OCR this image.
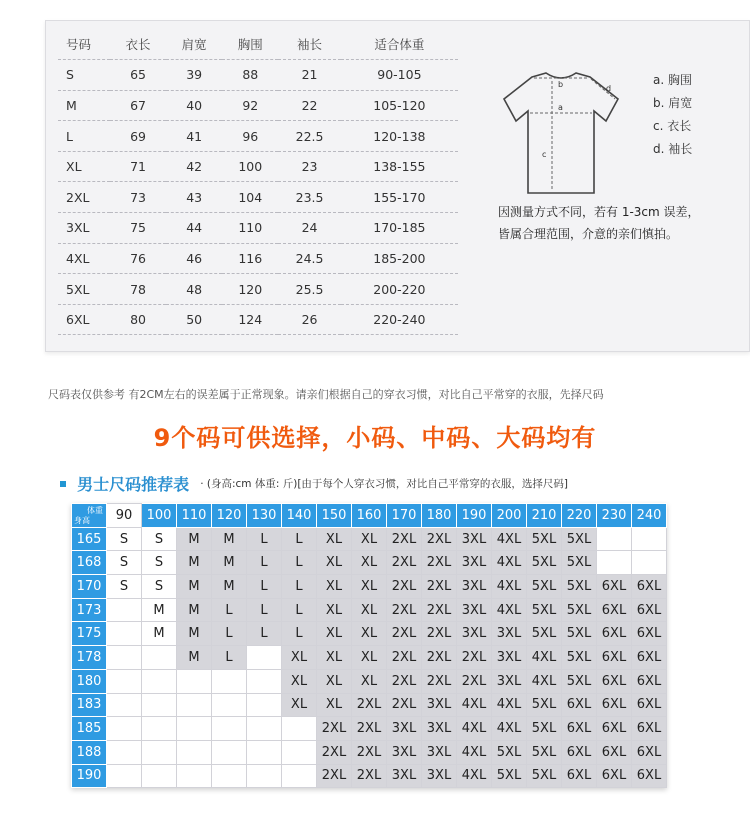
号码	衣长	肩宽	胸围	袖长	适合体重
S	65	39	88	21	90-105
M	67	40	92	22	105-120
L	69	41	96	22.5	120-138
XL	71	42	100	23	138-155
2XL	73	43	104	23.5	155-170
3XL	75	44	110	24	170-185
4XL	76	46	116	24.5	185-200
5XL	78	48	120	25.5	200-220
6XL	80	50	124	26	220-240
a
b
c
d
a. 胸围
b. 肩宽
c. 衣长
d. 袖长
因测量方式不同，若有 1-3cm 误差，
皆属合理范围，介意的亲们慎拍。
尺码表仅供参考 有2CM左右的误差属于正常现象。请亲们根据自己的穿衣习惯，对比自己平常穿的衣服，先择尺码
9个码可供选择，小码、中码、大码均有
男士尺码推荐表 · (身高:cm 体重: 斤)[由于每个人穿衣习惯，对比自己平常穿的衣服，选择尺码]
体重
身高	90	100	110	120	130	140	150	160	170	180	190	200	210	220	230	240
165	S	S	M	M	L	L	XL	XL	2XL	2XL	3XL	4XL	5XL	5XL		
168	S	S	M	M	L	L	XL	XL	2XL	2XL	3XL	4XL	5XL	5XL		
170	S	S	M	M	L	L	XL	XL	2XL	2XL	3XL	4XL	5XL	5XL	6XL	6XL
173		M	M	L	L	L	XL	XL	2XL	2XL	3XL	4XL	5XL	5XL	6XL	6XL
175		M	M	L	L	L	XL	XL	2XL	2XL	3XL	3XL	5XL	5XL	6XL	6XL
178			M	L		XL	XL	XL	2XL	2XL	2XL	3XL	4XL	5XL	6XL	6XL
180						XL	XL	XL	2XL	2XL	2XL	3XL	4XL	5XL	6XL	6XL
183						XL	XL	2XL	2XL	3XL	4XL	4XL	5XL	6XL	6XL	6XL
185							2XL	2XL	3XL	3XL	4XL	4XL	5XL	6XL	6XL	6XL
188							2XL	2XL	3XL	3XL	4XL	5XL	5XL	6XL	6XL	6XL
190							2XL	2XL	3XL	3XL	4XL	5XL	5XL	6XL	6XL	6XL
